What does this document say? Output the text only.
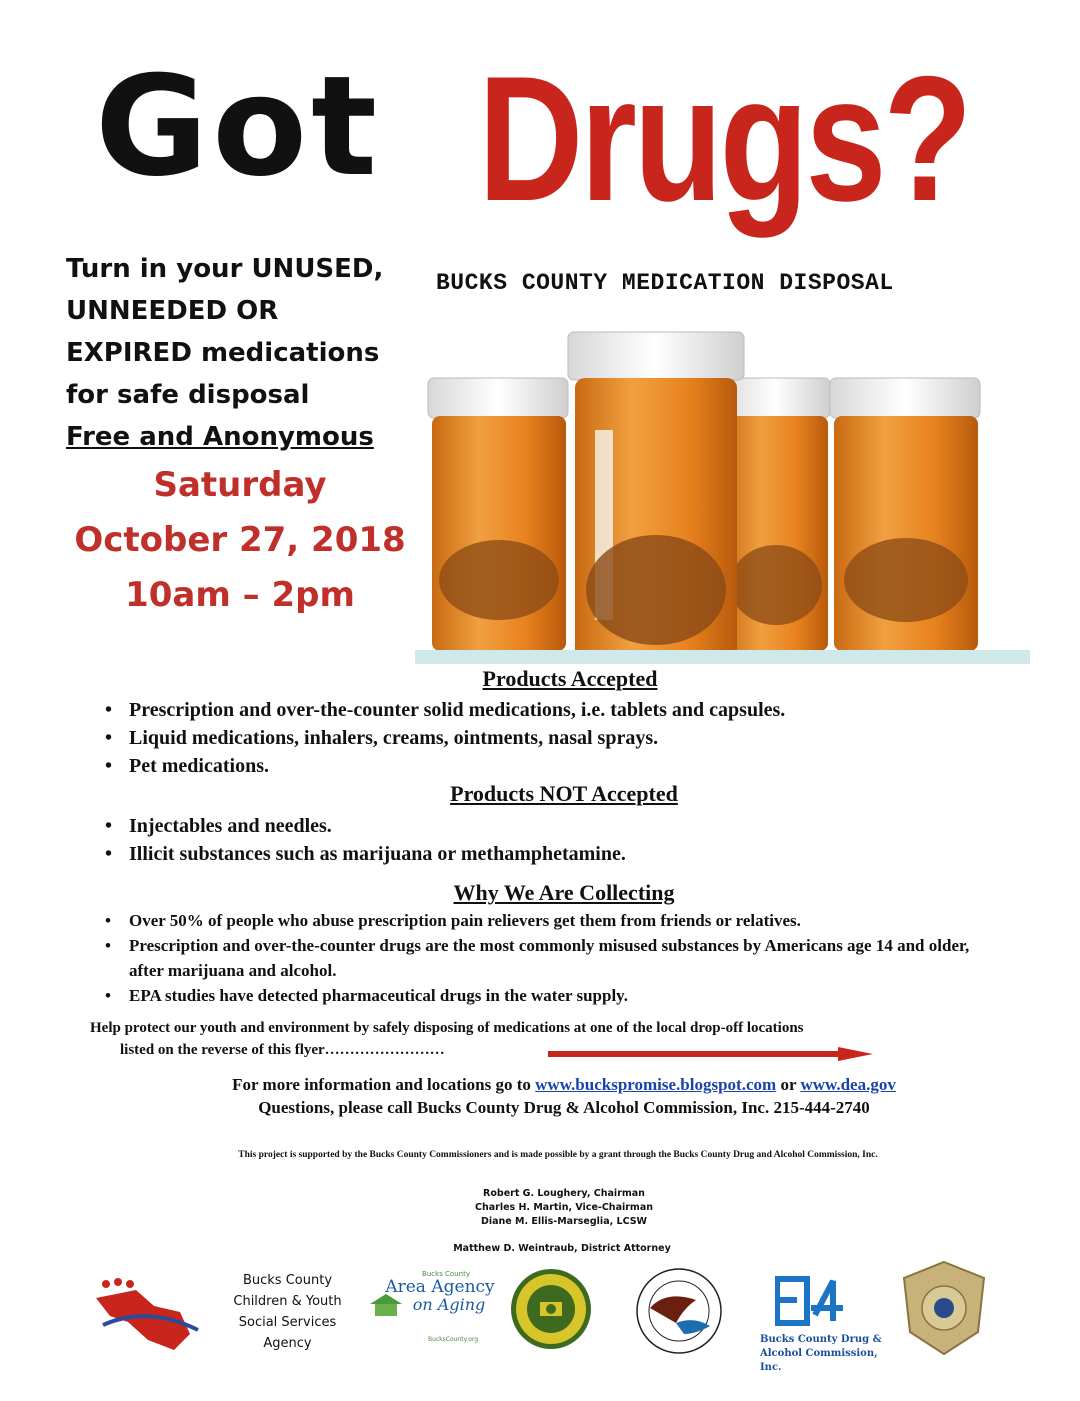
Got Drugs?
BUCKS COUNTY MEDICATION DISPOSAL
Turn in your UNUSED,
UNNEEDED OR
EXPIRED medications
for safe disposal
Free and Anonymous
Saturday
October 27, 2018
10am – 2pm
Products Accepted
• Prescription and over-the-counter solid medications, i.e. tablets and capsules.
• Liquid medications, inhalers, creams, ointments, nasal sprays.
• Pet medications.
Products NOT Accepted
• Injectables and needles.
• Illicit substances such as marijuana or methamphetamine.
Why We Are Collecting
• Over 50% of people who abuse prescription pain relievers get them from friends or relatives.
• Prescription and over-the-counter drugs are the most commonly misused substances by Americans age 14 and older, after marijuana and alcohol.
• EPA studies have detected pharmaceutical drugs in the water supply.
Help protect our youth and environment by safely disposing of medications at one of the local drop-off locations
listed on the reverse of this flyer……………………
For more information and locations go to www.buckspromise.blogspot.com or www.dea.gov
Questions, please call Bucks County Drug & Alcohol Commission, Inc. 215-444-2740
This project is supported by the Bucks County Commissioners and is made possible by a grant through the Bucks County Drug and Alcohol Commission, Inc.
Robert G. Loughery, Chairman
Charles H. Martin, Vice-Chairman
Diane M. Ellis-Marseglia, LCSW
Matthew D. Weintraub, District Attorney
Bucks County
Children & Youth
Social Services
Agency
Bucks County
Area Agency
on Aging
BucksCounty.org	Bucks County Drug &
Alcohol Commission, Inc.
